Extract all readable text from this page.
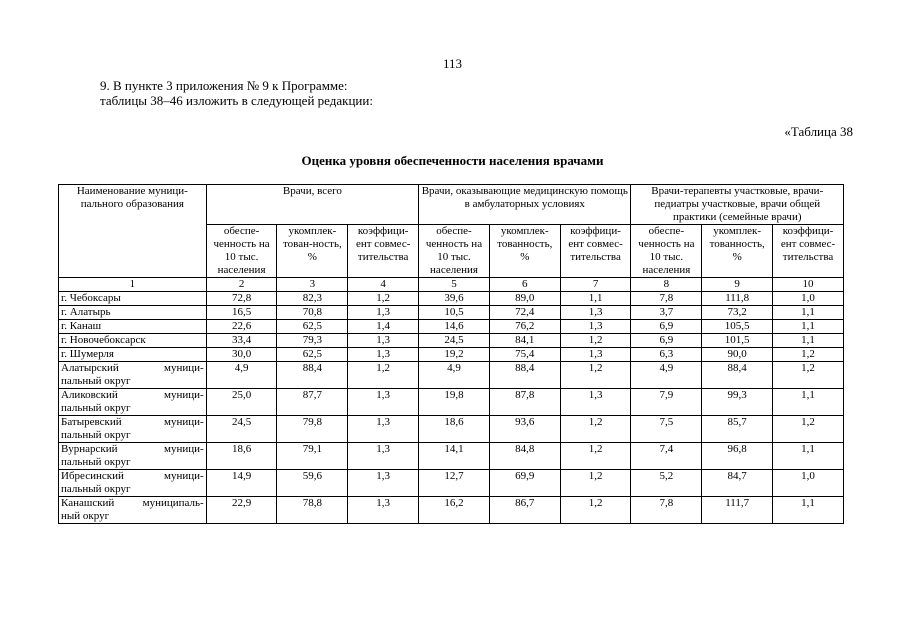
113
9. В пункте 3 приложения № 9 к Программе:
таблицы 38–46 изложить в следующей редакции:
«Таблица 38
Оценка уровня обеспеченности населения врачами
Наименование муници-пального образования	Врачи, всего			Врачи, оказывающие медицинскую помощь в амбулаторных условиях			Врачи-терапевты участковые, врачи-педиатры участковые, врачи общей практики (семейные врачи)		
	обеспе-ченность на 10 тыс. населения	укомплек-тован-ность, %	коэффици-ент совмес-тительства	обеспе-ченность на 10 тыс. населения	укомплек-тованность, %	коэффици-ент совмес-тительства	обеспе-ченность на 10 тыс. населения	укомплек-тованность, %	коэффици-ент совмес-тительства
1	2	3	4	5	6	7	8	9	10
г. Чебоксары	72,8	82,3	1,2	39,6	89,0	1,1	7,8	111,8	1,0
г. Алатырь	16,5	70,8	1,3	10,5	72,4	1,3	3,7	73,2	1,1
г. Канаш	22,6	62,5	1,4	14,6	76,2	1,3	6,9	105,5	1,1
г. Новочебоксарск	33,4	79,3	1,3	24,5	84,1	1,2	6,9	101,5	1,1
г. Шумерля	30,0	62,5	1,3	19,2	75,4	1,3	6,3	90,0	1,2

Алатырский муници-
пальный округ	4,9	88,4	1,2	4,9	88,4	1,2	4,9	88,4	1,2

Аликовский муници-
пальный округ	25,0	87,7	1,3	19,8	87,8	1,3	7,9	99,3	1,1

Батыревский муници-
пальный округ	24,5	79,8	1,3	18,6	93,6	1,2	7,5	85,7	1,2

Вурнарский муници-
пальный округ	18,6	79,1	1,3	14,1	84,8	1,2	7,4	96,8	1,1

Ибресинский муници-
пальный округ	14,9	59,6	1,3	12,7	69,9	1,2	5,2	84,7	1,0

Канашский муниципаль-
ный округ	22,9	78,8	1,3	16,2	86,7	1,2	7,8	111,7	1,1
